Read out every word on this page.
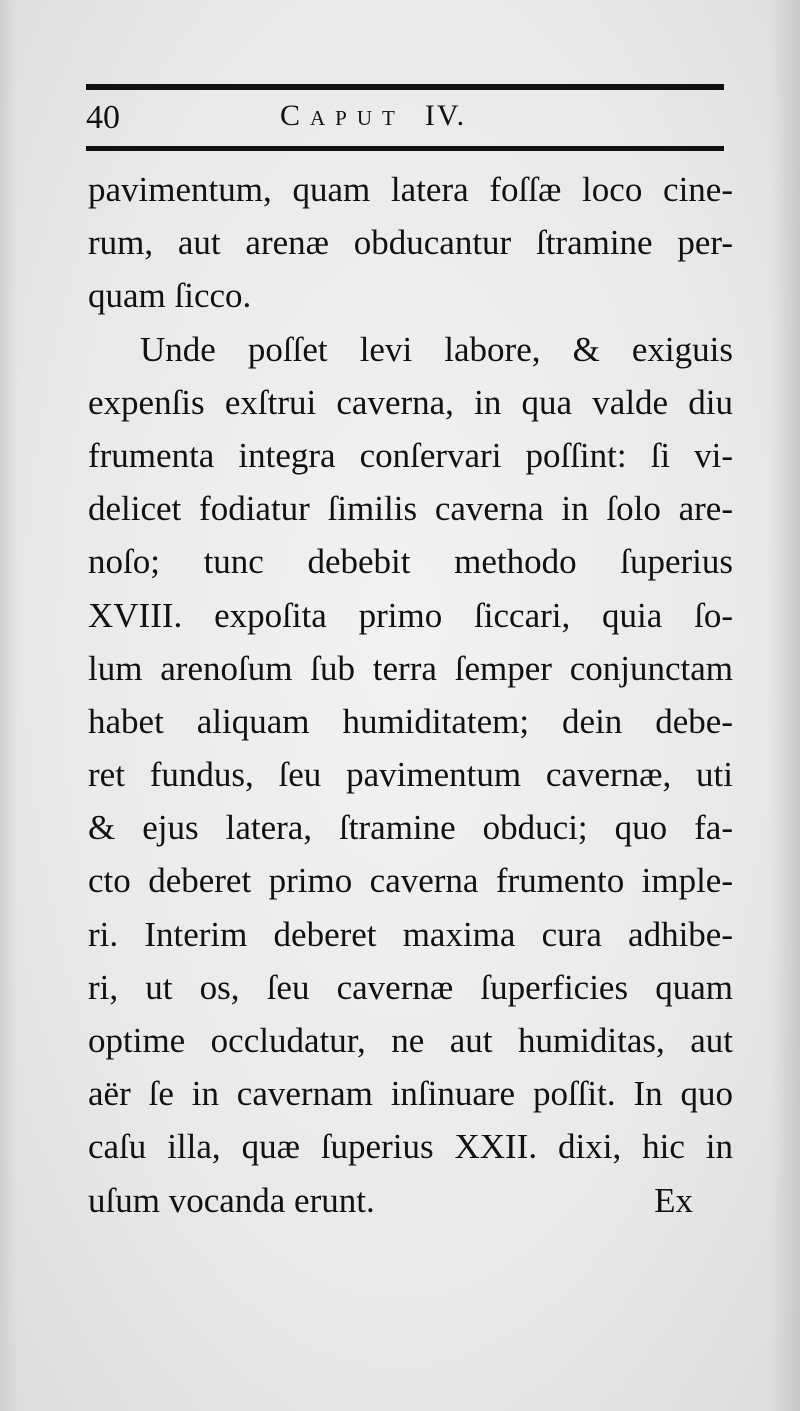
40	Caput IV.
pavimentum, quam latera foſſæ loco cine-
rum, aut arenæ obducantur ſtramine per-
quam ſicco.
Unde poſſet levi labore, & exiguis
expenſis exſtrui caverna, in qua valde diu
frumenta integra conſervari poſſint: ſi vi-
delicet fodiatur ſimilis caverna in ſolo are-
noſo; tunc debebit methodo ſuperius
XVIII. expoſita primo ſiccari, quia ſo-
lum arenoſum ſub terra ſemper conjunctam
habet aliquam humiditatem; dein debe-
ret fundus, ſeu pavimentum cavernæ, uti
& ejus latera, ſtramine obduci; quo fa-
cto deberet primo caverna frumento imple-
ri. Interim deberet maxima cura adhibe-
ri, ut os, ſeu cavernæ ſuperficies quam
optime occludatur, ne aut humiditas, aut
aër ſe in cavernam inſinuare poſſit. In quo
caſu illa, quæ ſuperius XXII. dixi, hic in
uſum vocanda erunt.	Ex
